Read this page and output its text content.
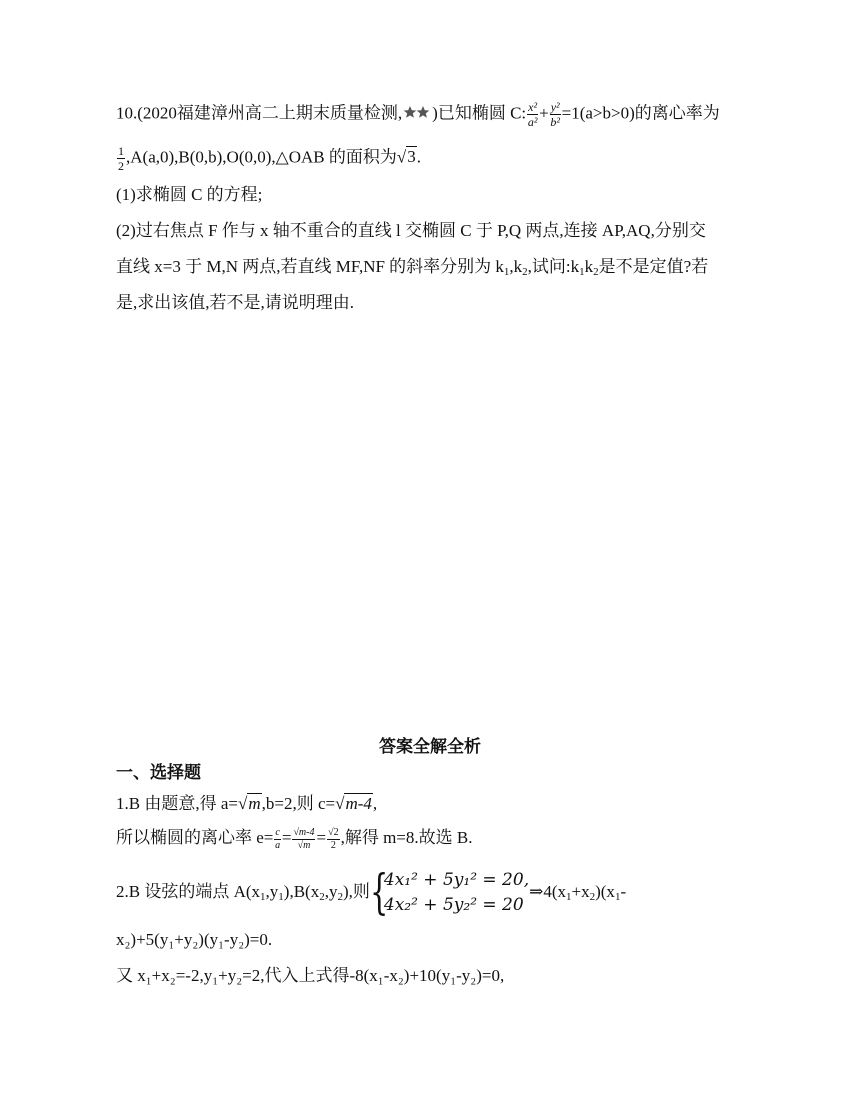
10.(2020福建漳州高二上期末质量检测, )已知椭圆 C: $\frac{\text{x²}}{\text{a²}} + \frac{\text{y²}}{\text{b²}} =1(a>b>0)$的离心率为
$\frac{1}{2}$ ,A(a,0),B(0,b),O(0,0),△OAB 的面积为√3.
(1)求椭圆 C 的方程;
(2)过右焦点 F 作与 x 轴不重合的直线 l 交椭圆 C 于 P,Q 两点,连接 AP,AQ,分别交
直线 x=3 于 M,N 两点,若直线 MF,NF 的斜率分别为 $k_1,k_2$,试问$:k_1k_2$是不是定值?若
是,求出该值,若不是,请说明理由.
答案全解全析
一、选择题
1.B 由题意,得 a=√m,b=2,则 c=√m-4,
所以椭圆的离心率 $e= \frac{c}{a} = \frac{√m-4}{√m} = \frac{√2}{2}$ ,解得 m=8.故选 B.
2.B 设弦的端点 $A(x_1,y_1),B(x_2,y_2)$,则 {
4x₁² + 5y₁² = 20,
4x₂² + 5y₂² = 20
$\Rightarrow 4(x_1+x_2)(x_1-$
x₂)+5(y₁+y₂)(y₁-y₂)=0.
又 x₁+x₂=-2,y₁+y₂=2,代入上式得-8(x₁-x₂)+10(y₁-y₂)=0,
